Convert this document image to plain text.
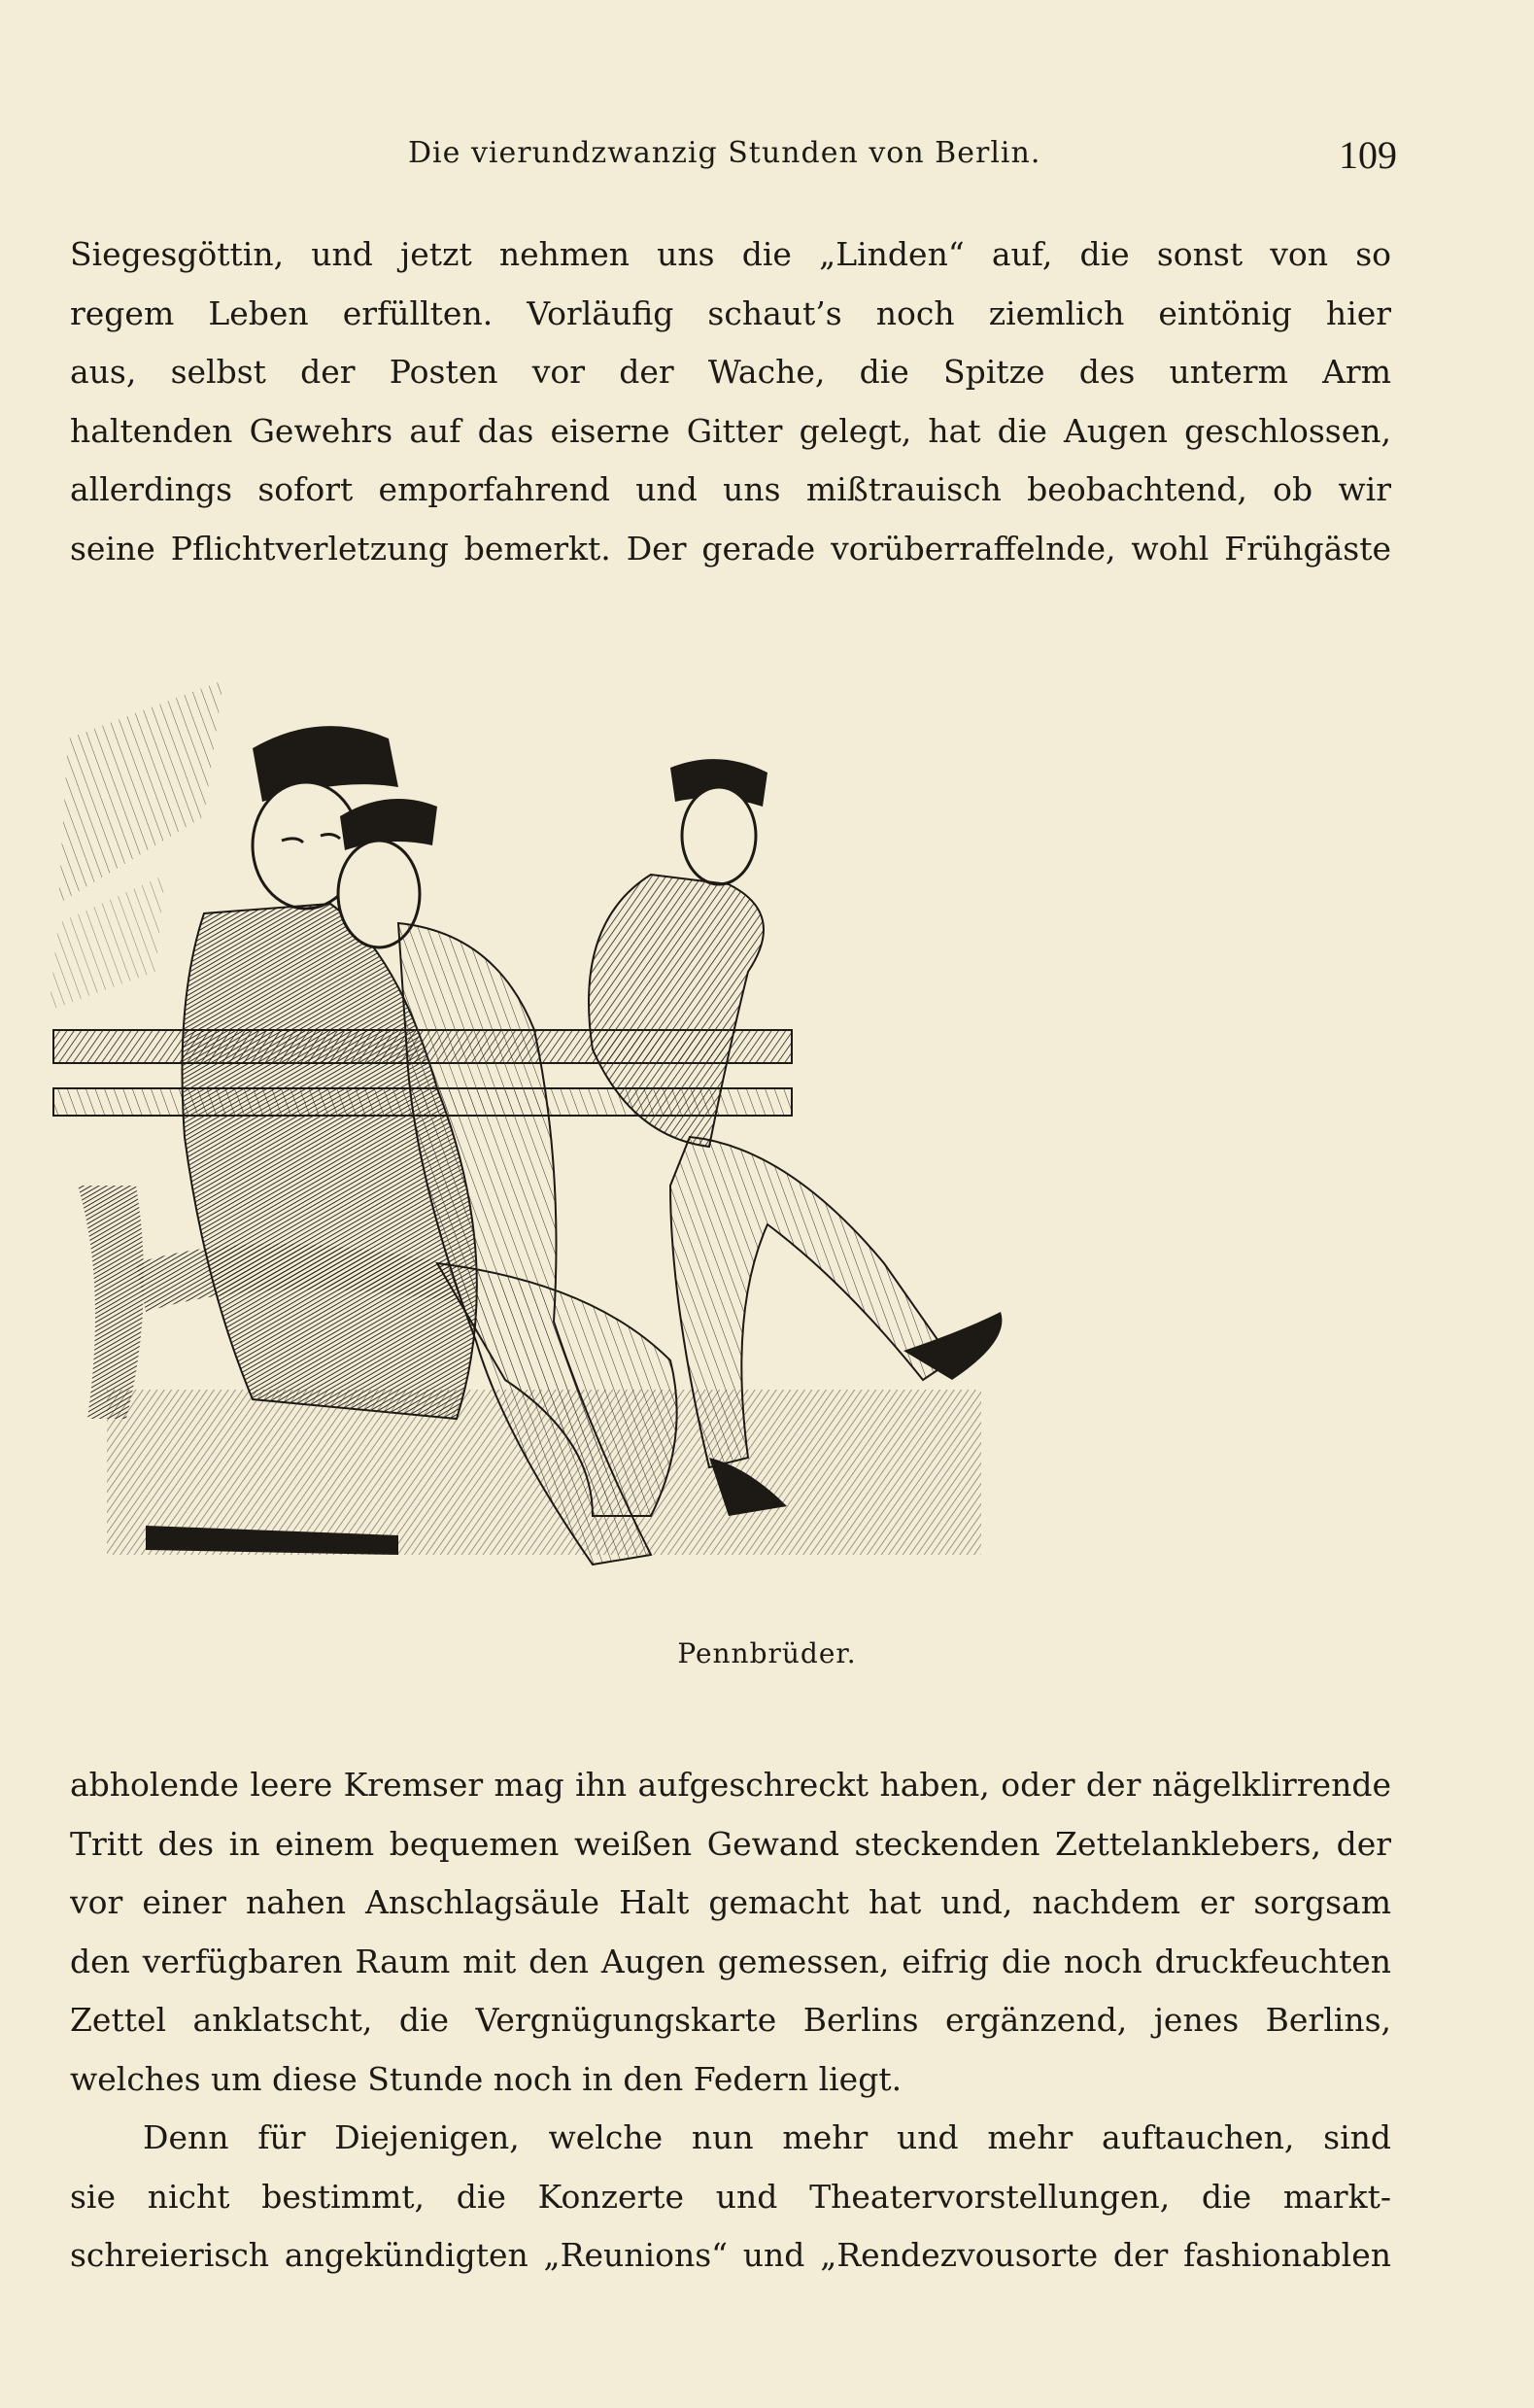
Die vierundzwanzig Stunden von Berlin.	109
Siegesgöttin, und jetzt nehmen uns die „Linden“ auf, die sonst von so
regem Leben erfüllten. Vorläufig schaut’s noch ziemlich eintönig hier
aus, selbst der Posten vor der Wache, die Spitze des unterm Arm
haltenden Gewehrs auf das eiserne Gitter gelegt, hat die Augen geschlossen,
allerdings sofort emporfahrend und uns mißtrauisch beobachtend, ob wir
seine Pflichtverletzung bemerkt. Der gerade vorüberraffelnde, wohl Frühgäste
Pennbrüder.
abholende leere Kremser mag ihn aufgeschreckt haben, oder der nägelklirrende
Tritt des in einem bequemen weißen Gewand steckenden Zettelanklebers, der
vor einer nahen Anschlagsäule Halt gemacht hat und, nachdem er sorgsam
den verfügbaren Raum mit den Augen gemessen, eifrig die noch druckfeuchten
Zettel anklatscht, die Vergnügungskarte Berlins ergänzend, jenes Berlins,
welches um diese Stunde noch in den Federn liegt.
Denn für Diejenigen, welche nun mehr und mehr auftauchen, sind
sie nicht bestimmt, die Konzerte und Theatervorstellungen, die markt-
schreierisch angekündigten „Reunions“ und „Rendezvousorte der fashionablen
